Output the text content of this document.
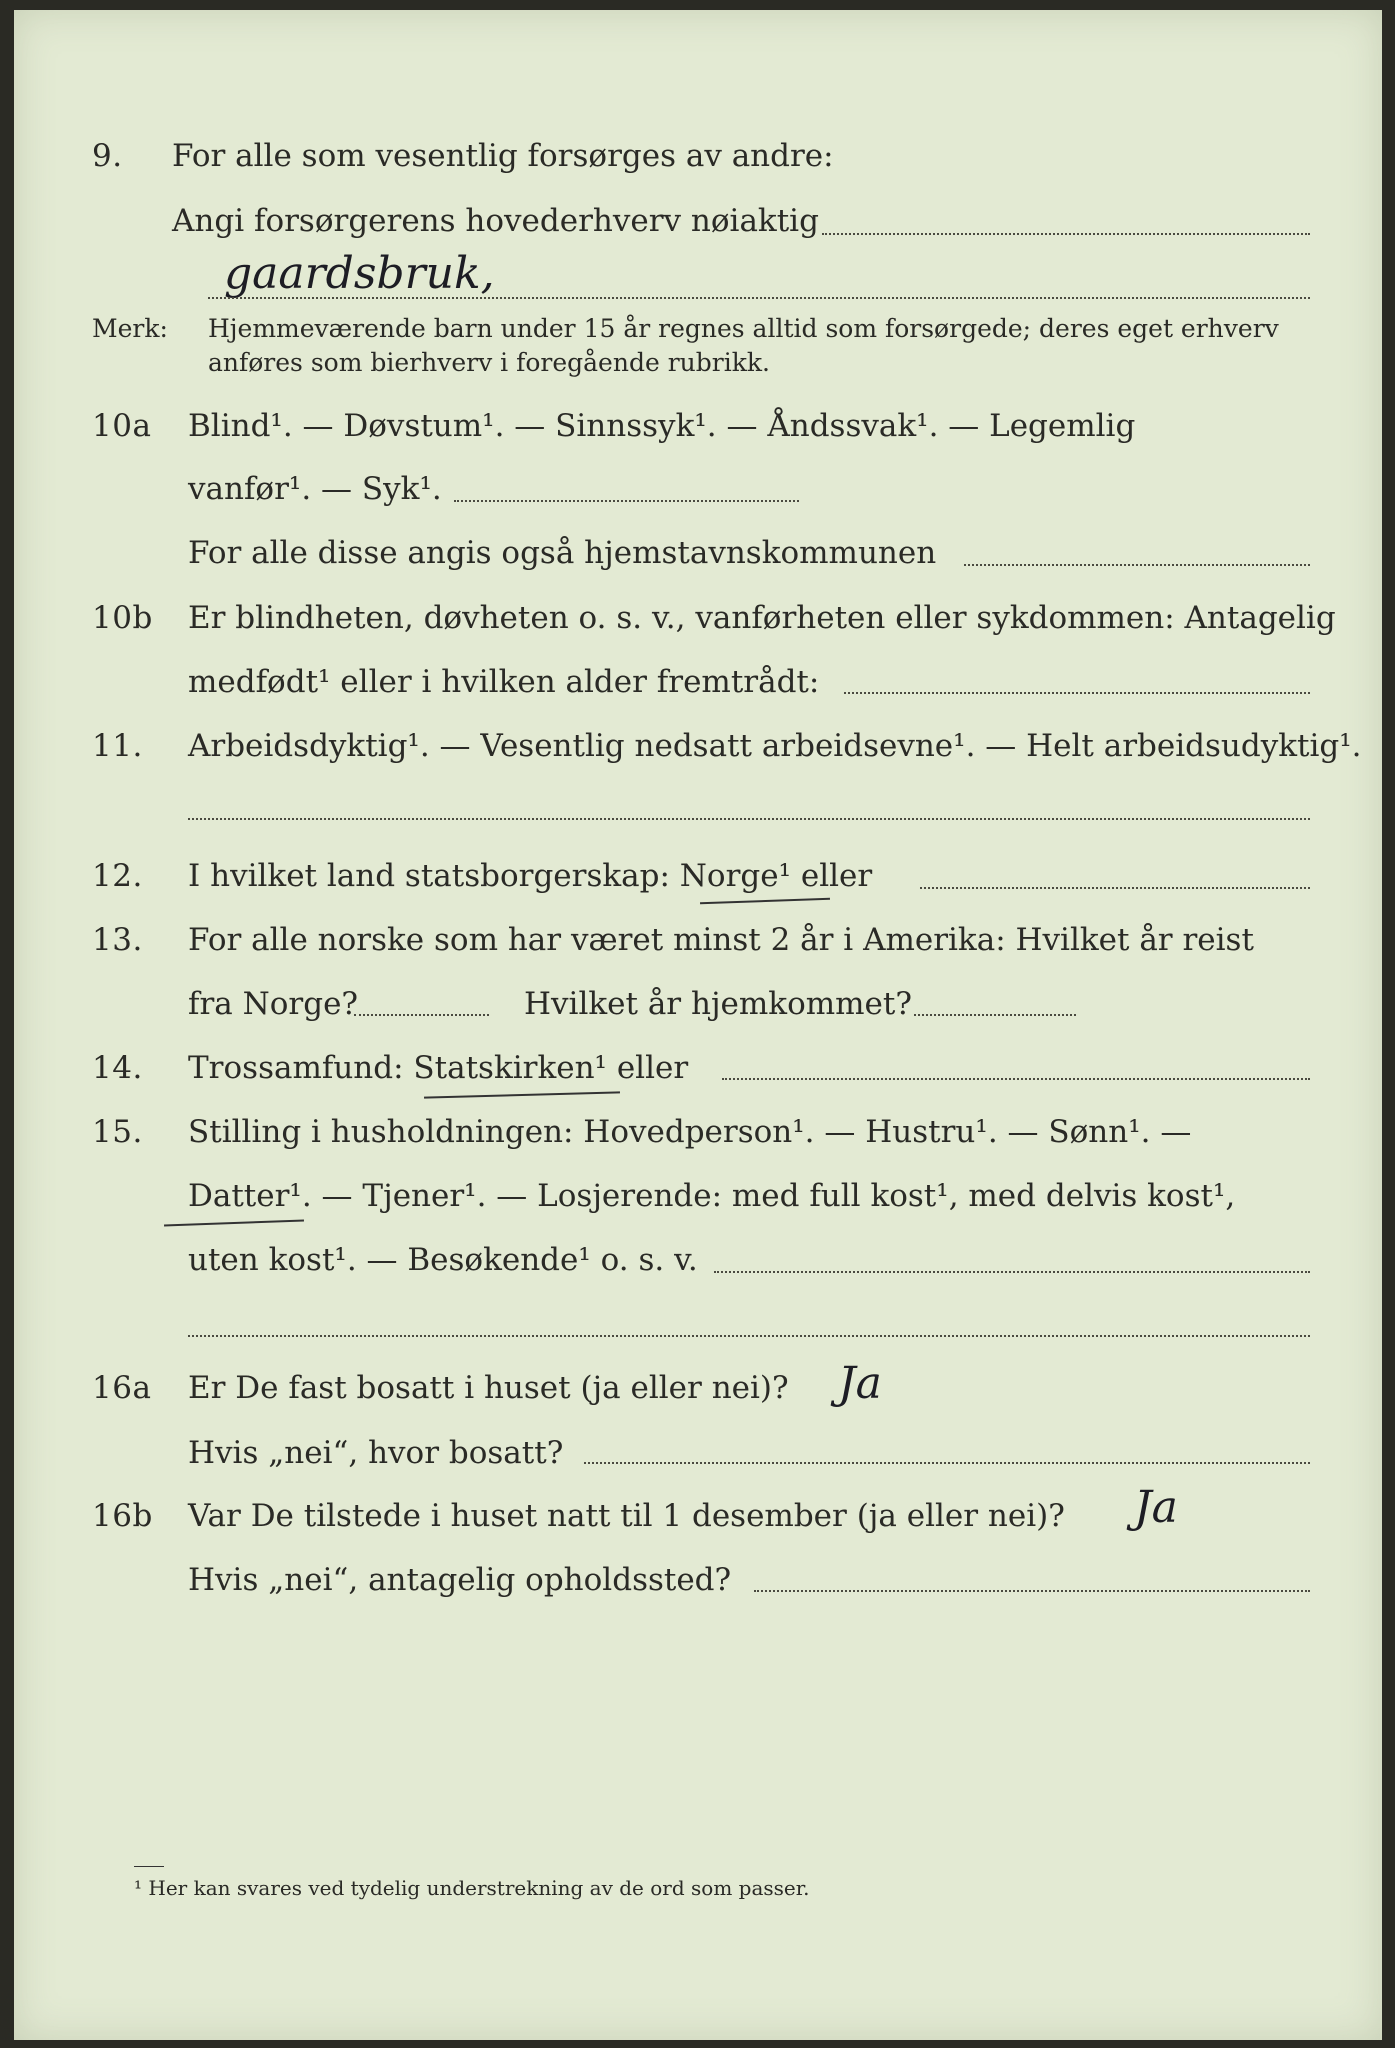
9. For alle som vesentlig forsørges av andre:
Angi forsørgerens hovederhverv nøiaktig
gaardsbruk,
Merk: Hjemmeværende barn under 15 år regnes alltid som forsørgede; deres eget erhverv
anføres som bierhverv i foregående rubrikk.
10a Blind¹. — Døvstum¹. — Sinnssyk¹. — Åndssvak¹. — Legemlig
vanfør¹. — Syk¹.
For alle disse angis også hjemstavnskommunen
10b Er blindheten, døvheten o. s. v., vanførheten eller sykdommen: Antagelig
medfødt¹ eller i hvilken alder fremtrådt:
11. Arbeidsdyktig¹. — Vesentlig nedsatt arbeidsevne¹. — Helt arbeidsudyktig¹.
12. I hvilket land statsborgerskap: Norge¹ eller
13. For alle norske som har været minst 2 år i Amerika: Hvilket år reist
fra Norge?	Hvilket år hjemkommet?
14. Trossamfund: Statskirken¹ eller
15. Stilling i husholdningen: Hovedperson¹. — Hustru¹. — Sønn¹. —
Datter¹. — Tjener¹. — Losjerende: med full kost¹, med delvis kost¹,
uten kost¹. — Besøkende¹ o. s. v.
16a Er De fast bosatt i huset (ja eller nei)? Ja
Hvis „nei“, hvor bosatt?
16b Var De tilstede i huset natt til 1 desember (ja eller nei)? Ja
Hvis „nei“, antagelig opholdssted?
¹ Her kan svares ved tydelig understrekning av de ord som passer.
